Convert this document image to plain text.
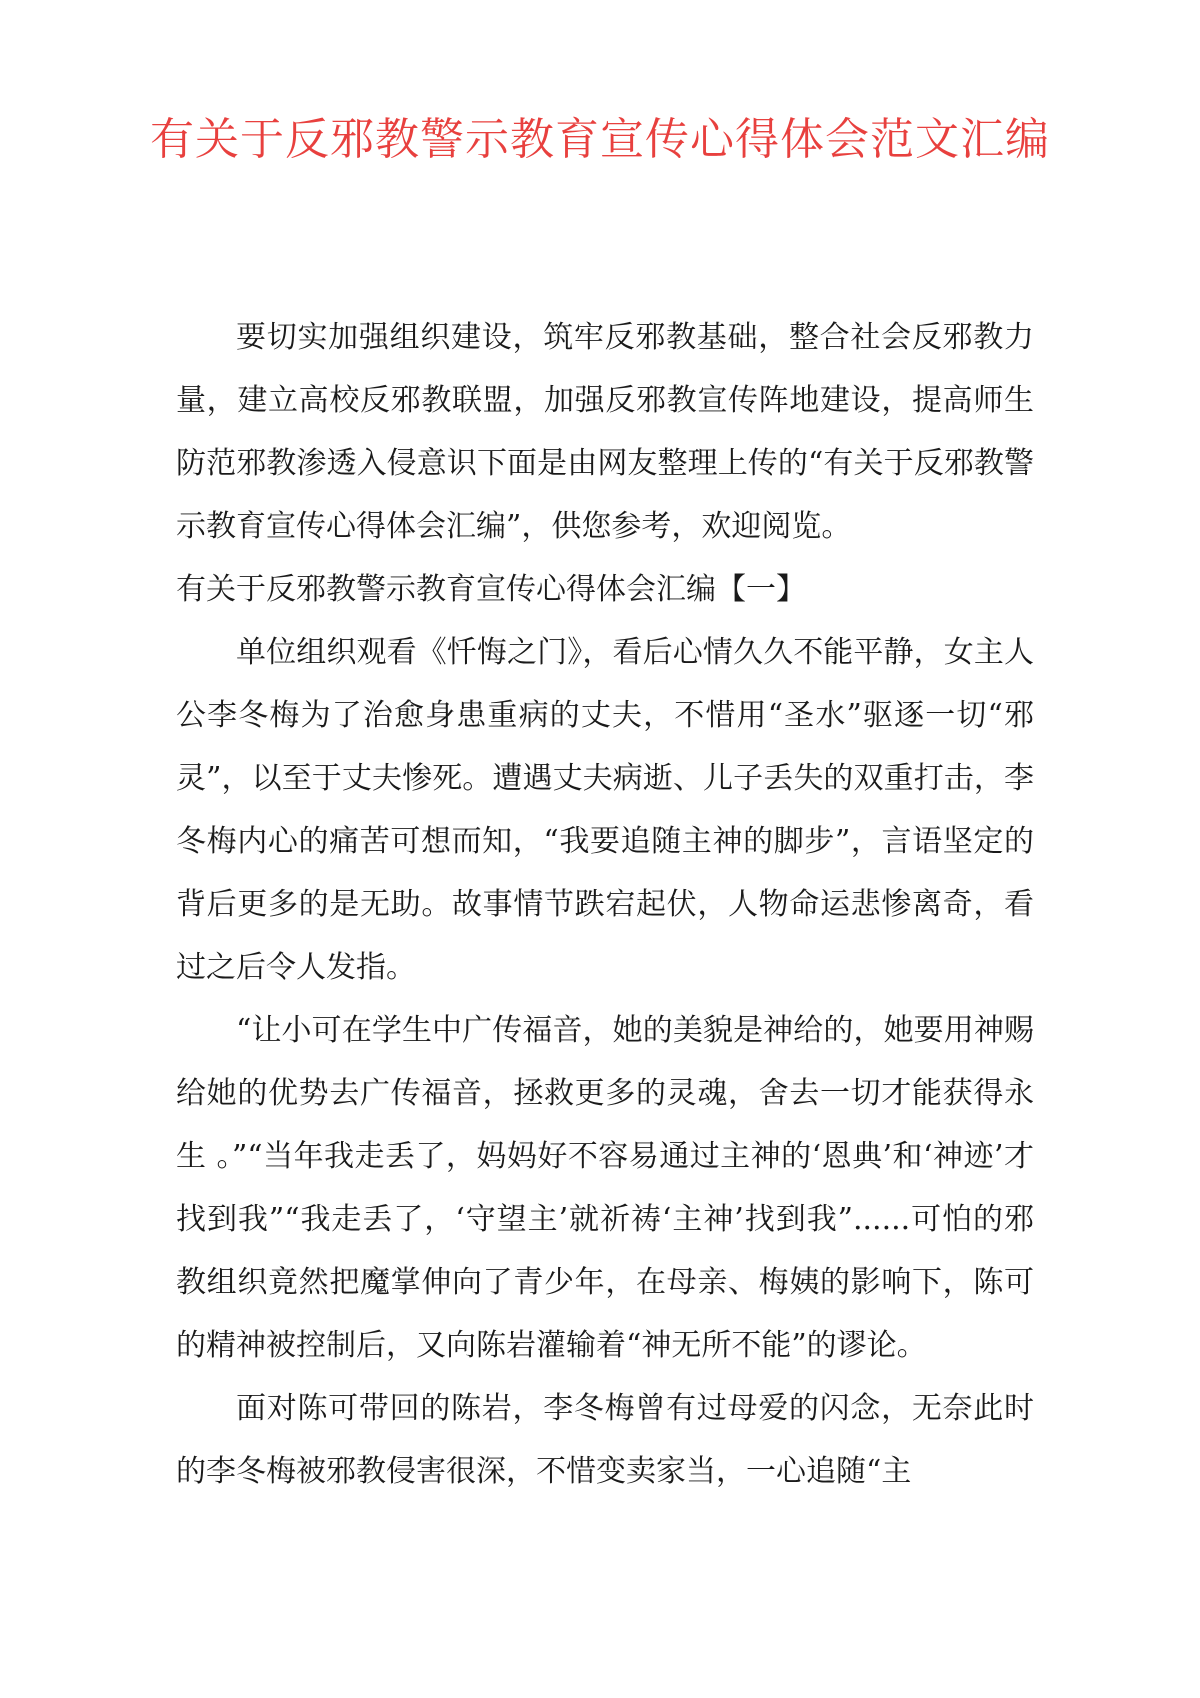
有关于反邪教警示教育宣传心得体会范文汇编

要切实加强组织建设，筑牢反邪教基础，整合社会反邪教力量，建立高校反邪教联盟，加强反邪教宣传阵地建设，提高师生防范邪教渗透入侵意识下面是由网友整理上传的“有关于反邪教警示教育宣传心得体会汇编”，供您参考，欢迎阅览。

有关于反邪教警示教育宣传心得体会汇编【一】

单位组织观看《忏悔之门》，看后心情久久不能平静，女主人公李冬梅为了治愈身患重病的丈夫，不惜用“圣水”驱逐一切“邪灵”，以至于丈夫惨死。遭遇丈夫病逝、儿子丢失的双重打击，李冬梅内心的痛苦可想而知，“我要追随主神的脚步”，言语坚定的背后更多的是无助。故事情节跌宕起伏，人物命运悲惨离奇，看过之后令人发指。

“让小可在学生中广传福音，她的美貌是神给的，她要用神赐给她的优势去广传福音，拯救更多的灵魂，舍去一切才能获得永生 。”“当年我走丢了，妈妈好不容易通过主神的‘恩典’和‘神迹’才找到我”“我走丢了，‘守望主’就祈祷‘主神’找到我”......可怕的邪教组织竟然把魔掌伸向了青少年，在母亲、梅姨的影响下，陈可的精神被控制后，又向陈岩灌输着“神无所不能”的谬论。

面对陈可带回的陈岩，李冬梅曾有过母爱的闪念，无奈此时的李冬梅被邪教侵害很深，不惜变卖家当，一心追随“主
